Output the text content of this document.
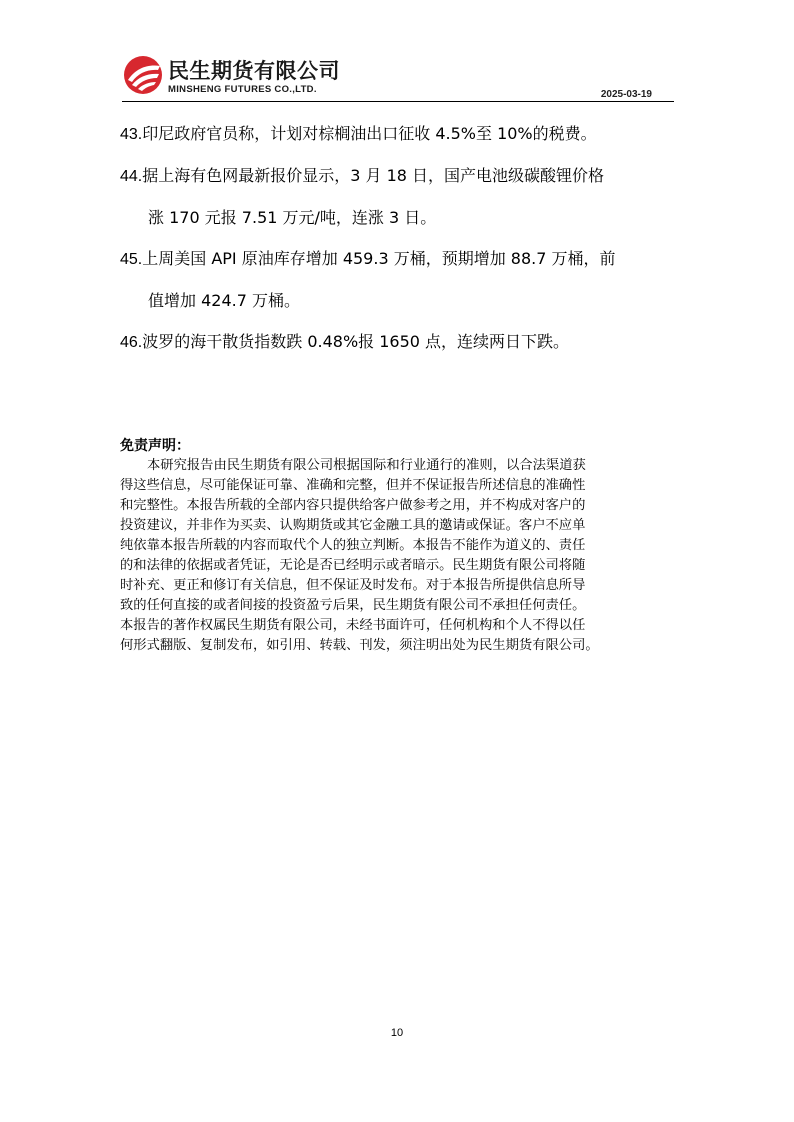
民生期货有限公司
MINSHENG FUTURES CO.,LTD.	2025-03-19

43.印尼政府官员称，计划对棕榈油出口征收 4.5%至 10%的税费。

44.据上海有色网最新报价显示，3 月 18 日，国产电池级碳酸锂价格
涨 170 元报 7.51 万元/吨，连涨 3 日。

45.上周美国 API 原油库存增加 459.3 万桶，预期增加 88.7 万桶，前
值增加 424.7 万桶。

46.波罗的海干散货指数跌 0.48%报 1650 点，连续两日下跌。

免责声明：

本研究报告由民生期货有限公司根据国际和行业通行的准则，以合法渠道获
得这些信息，尽可能保证可靠、准确和完整，但并不保证报告所述信息的准确性
和完整性。本报告所载的全部内容只提供给客户做参考之用，并不构成对客户的
投资建议，并非作为买卖、认购期货或其它金融工具的邀请或保证。客户不应单
纯依靠本报告所载的内容而取代个人的独立判断。本报告不能作为道义的、责任
的和法律的依据或者凭证，无论是否已经明示或者暗示。民生期货有限公司将随
时补充、更正和修订有关信息，但不保证及时发布。对于本报告所提供信息所导
致的任何直接的或者间接的投资盈亏后果，民生期货有限公司不承担任何责任。
本报告的著作权属民生期货有限公司，未经书面许可，任何机构和个人不得以任
何形式翻版、复制发布，如引用、转载、刊发，须注明出处为民生期货有限公司。

10
